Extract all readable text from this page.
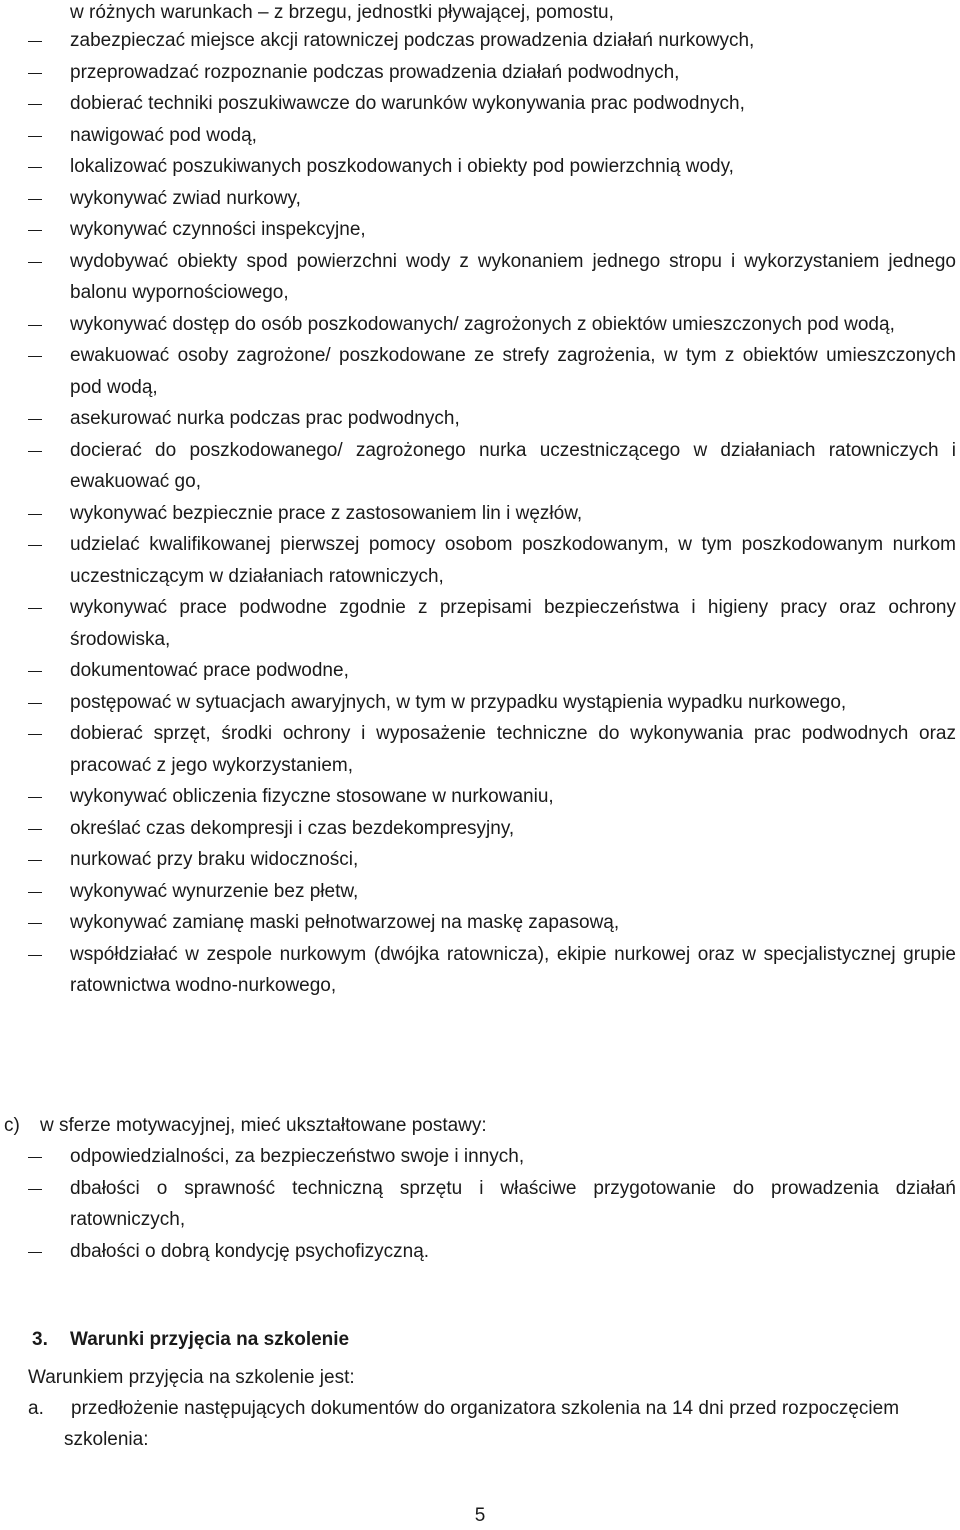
w różnych warunkach – z brzegu, jednostki pływającej, pomostu,

zabezpieczać miejsce akcji ratowniczej podczas prowadzenia działań nurkowych,
przeprowadzać rozpoznanie podczas prowadzenia działań podwodnych,
dobierać techniki poszukiwawcze do warunków wykonywania prac podwodnych,
nawigować pod wodą,
lokalizować poszukiwanych poszkodowanych i obiekty pod powierzchnią wody,
wykonywać zwiad nurkowy,
wykonywać czynności inspekcyjne,
wydobywać obiekty spod powierzchni wody z wykonaniem jednego stropu i wykorzystaniem jednego balonu wypornościowego,
wykonywać dostęp do osób poszkodowanych/ zagrożonych z obiektów umieszczonych pod wodą,
ewakuować osoby zagrożone/ poszkodowane ze strefy zagrożenia, w tym z obiektów umieszczonych pod wodą,
asekurować nurka podczas prac podwodnych,
docierać do poszkodowanego/ zagrożonego nurka uczestniczącego w działaniach ratowniczych i ewakuować go,
wykonywać bezpiecznie prace z zastosowaniem lin i węzłów,
udzielać kwalifikowanej pierwszej pomocy osobom poszkodowanym, w tym poszkodowanym nurkom uczestniczącym w działaniach ratowniczych,
wykonywać prace podwodne zgodnie z przepisami bezpieczeństwa i higieny pracy oraz ochrony środowiska,
dokumentować prace podwodne,
postępować w sytuacjach awaryjnych, w tym w przypadku wystąpienia wypadku nurkowego,
dobierać sprzęt, środki ochrony i wyposażenie techniczne do wykonywania prac podwodnych oraz pracować z jego wykorzystaniem,
wykonywać obliczenia fizyczne stosowane w nurkowaniu,
określać czas dekompresji i czas bezdekompresyjny,
nurkować przy braku widoczności,
wykonywać wynurzenie bez płetw,
wykonywać zamianę maski pełnotwarzowej na maskę zapasową,
współdziałać w zespole nurkowym (dwójka ratownicza), ekipie nurkowej oraz w specjalistycznej grupie ratownictwa wodno-nurkowego,
c) w sferze motywacyjnej, mieć ukształtowane postawy:
odpowiedzialności, za bezpieczeństwo swoje i innych,
dbałości o sprawność techniczną sprzętu i właściwe przygotowanie do prowadzenia działań ratowniczych,
dbałości o dobrą kondycję psychofizyczną.
3. Warunki przyjęcia na szkolenie
Warunkiem przyjęcia na szkolenie jest:
a.	przedłożenie następujących dokumentów do organizatora szkolenia na 14 dni przed rozpoczęciem szkolenia:
5
